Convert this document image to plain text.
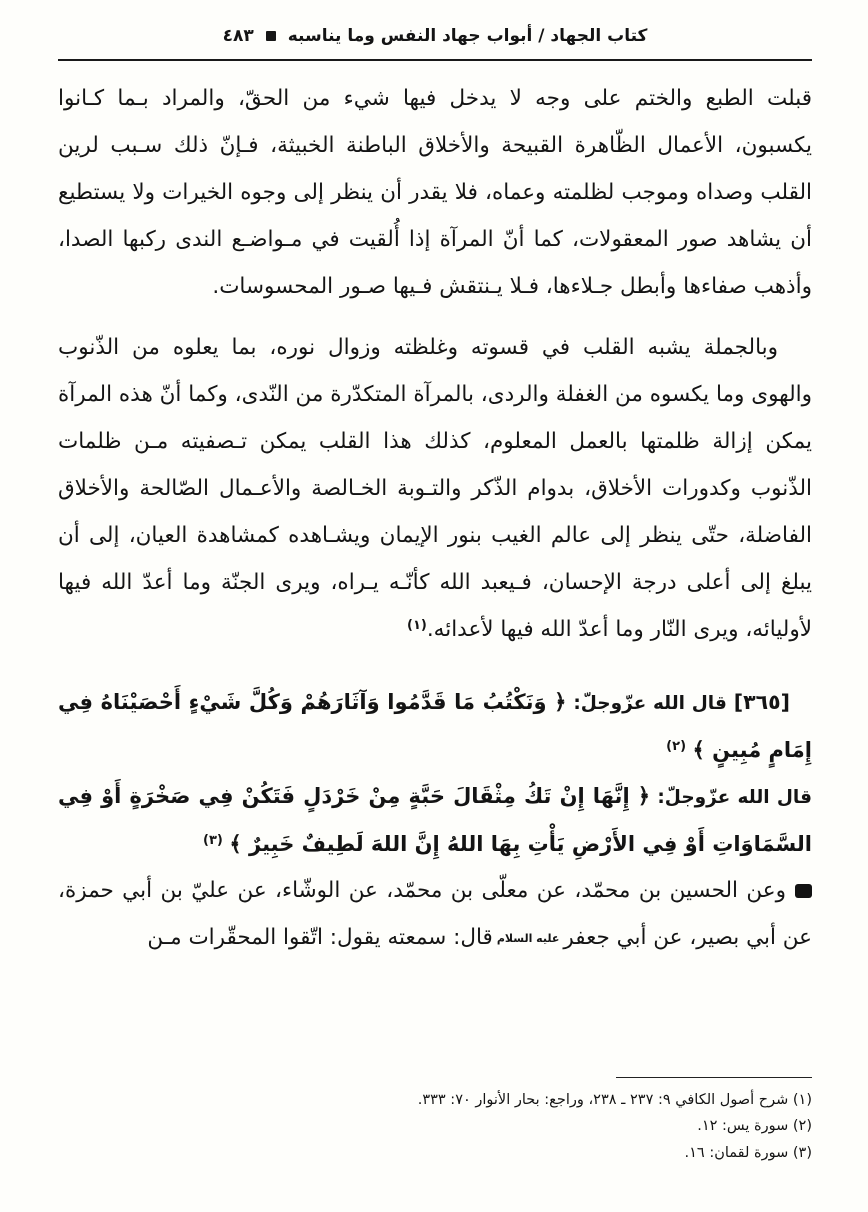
كتاب الجهاد / أبواب جهاد النفس وما يناسبه
٤٨٣

قبلت الطبع والختم على وجه لا يدخل فيها شيء من الحقّ، والمراد بـما كـانوا يكسبون، الأعمال الظّاهرة القبيحة والأخلاق الباطنة الخبيثة، فـإنّ ذلك سـبب لرين القلب وصداه وموجب لظلمته وعماه، فلا يقدر أن ينظر إلى وجوه الخيرات ولا يستطيع أن يشاهد صور المعقولات، كما أنّ المرآة إذا أُلقيت في مـواضـع الندى ركبها الصدا، وأذهب صفاءها وأبطل جـلاءها، فـلا يـنتقش فـيها صـور المحسوسات.

وبالجملة يشبه القلب في قسوته وغلظته وزوال نوره، بما يعلوه من الذّنوب والهوى وما يكسوه من الغفلة والردى، بالمرآة المتكدّرة من النّدى، وكما أنّ هذه المرآة يمكن إزالة ظلمتها بالعمل المعلوم، كذلك هذا القلب يمكن تـصفيته مـن ظلمات الذّنوب وكدورات الأخلاق، بدوام الذّكر والتـوبة الخـالصة والأعـمال الصّالحة والأخلاق الفاضلة، حتّى ينظر إلى عالم الغيب بنور الإيمان ويشـاهده كمشاهدة العيان، إلى أن يبلغ إلى أعلى درجة الإحسان، فـيعبد الله كأنّـه يـراه، ويرى الجنّة وما أعدّ الله فيها لأوليائه، ويرى النّار وما أعدّ الله فيها لأعدائه.$^{(١)}$

[٣٦٥] قال الله عزّوجلّ: ﴿ وَنَكْتُبُ مَا قَدَّمُوا وَآثَارَهُمْ وَكُلَّ شَيْءٍ أَحْصَيْنَاهُ فِي إِمَامٍ مُبِينٍ ﴾ $^{(٢)}$

قال الله عزّوجلّ: ﴿ إِنَّهَا إِنْ تَكُ مِثْقَالَ حَبَّةٍ مِنْ خَرْدَلٍ فَتَكُنْ فِي صَخْرَةٍ أَوْ فِي السَّمَاوَاتِ أَوْ فِي الأَرْضِ يَأْتِ بِهَا اللهُ إِنَّ اللهَ لَطِيفٌ خَبِيرٌ ﴾ $^{(٣)}$

وعن الحسين بن محمّد، عن معلّى بن محمّد، عن الوشّاء، عن عليّ بن أبي حمزة، عن أبي بصير، عن أبي جعفرعليه السلامقال: سمعته يقول: اتّقوا المحقّرات مـن

(١) شرح أصول الكافي ٩: ٢٣٧ ـ ٢٣٨، وراجع: بحار الأنوار ٧٠: ٣٣٣.
(٢) سورة يس: ١٢.
(٣) سورة لقمان: ١٦.
